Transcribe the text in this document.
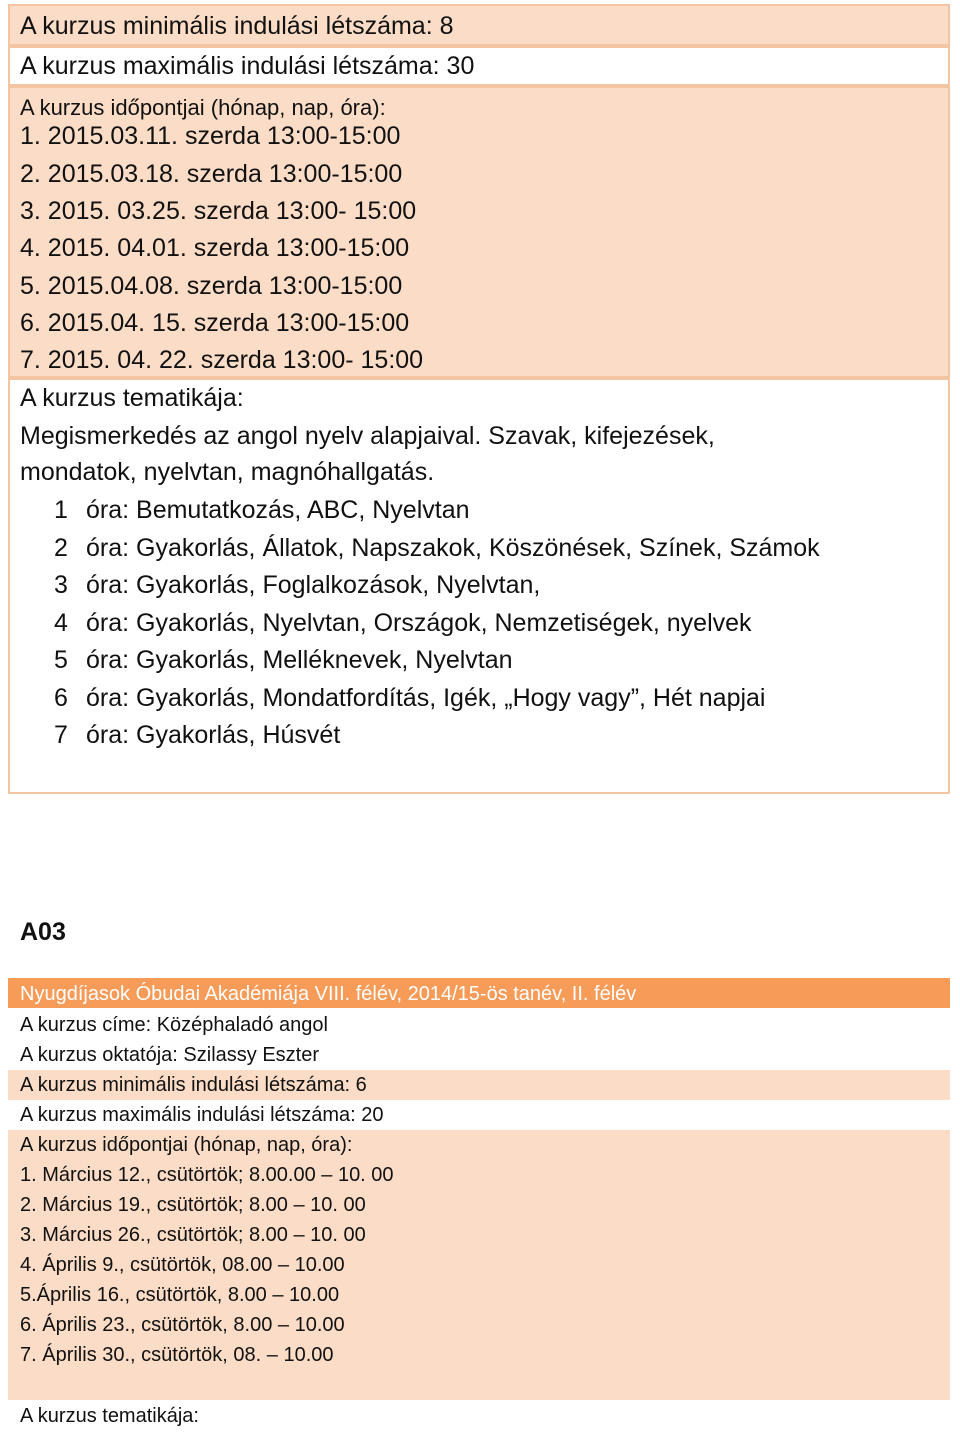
A kurzus minimális indulási létszáma: 8
A kurzus maximális indulási létszáma: 30
A kurzus időpontjai (hónap, nap, óra):
1. 2015.03.11. szerda 13:00-15:00
2. 2015.03.18. szerda 13:00-15:00
3. 2015. 03.25. szerda 13:00- 15:00
4. 2015. 04.01. szerda 13:00-15:00
5. 2015.04.08. szerda 13:00-15:00
6. 2015.04. 15. szerda 13:00-15:00
7. 2015. 04. 22. szerda 13:00- 15:00
A kurzus tematikája:
Megismerkedés az angol nyelv alapjaival. Szavak, kifejezések,
mondatok, nyelvtan, magnóhallgatás.
1 óra: Bemutatkozás, ABC, Nyelvtan
2 óra: Gyakorlás, Állatok, Napszakok, Köszönések, Színek, Számok
3 óra: Gyakorlás, Foglalkozások, Nyelvtan,
4 óra: Gyakorlás, Nyelvtan, Országok, Nemzetiségek, nyelvek
5 óra: Gyakorlás, Melléknevek, Nyelvtan
6 óra: Gyakorlás, Mondatfordítás, Igék, „Hogy vagy”, Hét napjai
7 óra: Gyakorlás, Húsvét
A03
Nyugdíjasok Óbudai Akadémiája VIII. félév, 2014/15-ös tanév, II. félév
A kurzus címe: Középhaladó angol
A kurzus oktatója: Szilassy Eszter
A kurzus minimális indulási létszáma: 6
A kurzus maximális indulási létszáma: 20
A kurzus időpontjai (hónap, nap, óra):
1. Március 12., csütörtök; 8.00.00 – 10. 00
2. Március 19., csütörtök; 8.00 – 10. 00
3. Március 26., csütörtök; 8.00 – 10. 00
4. Április 9., csütörtök, 08.00 – 10.00
5.Április 16., csütörtök, 8.00 – 10.00
6. Április 23., csütörtök, 8.00 – 10.00
7. Április 30., csütörtök, 08. – 10.00
A kurzus tematikája:
